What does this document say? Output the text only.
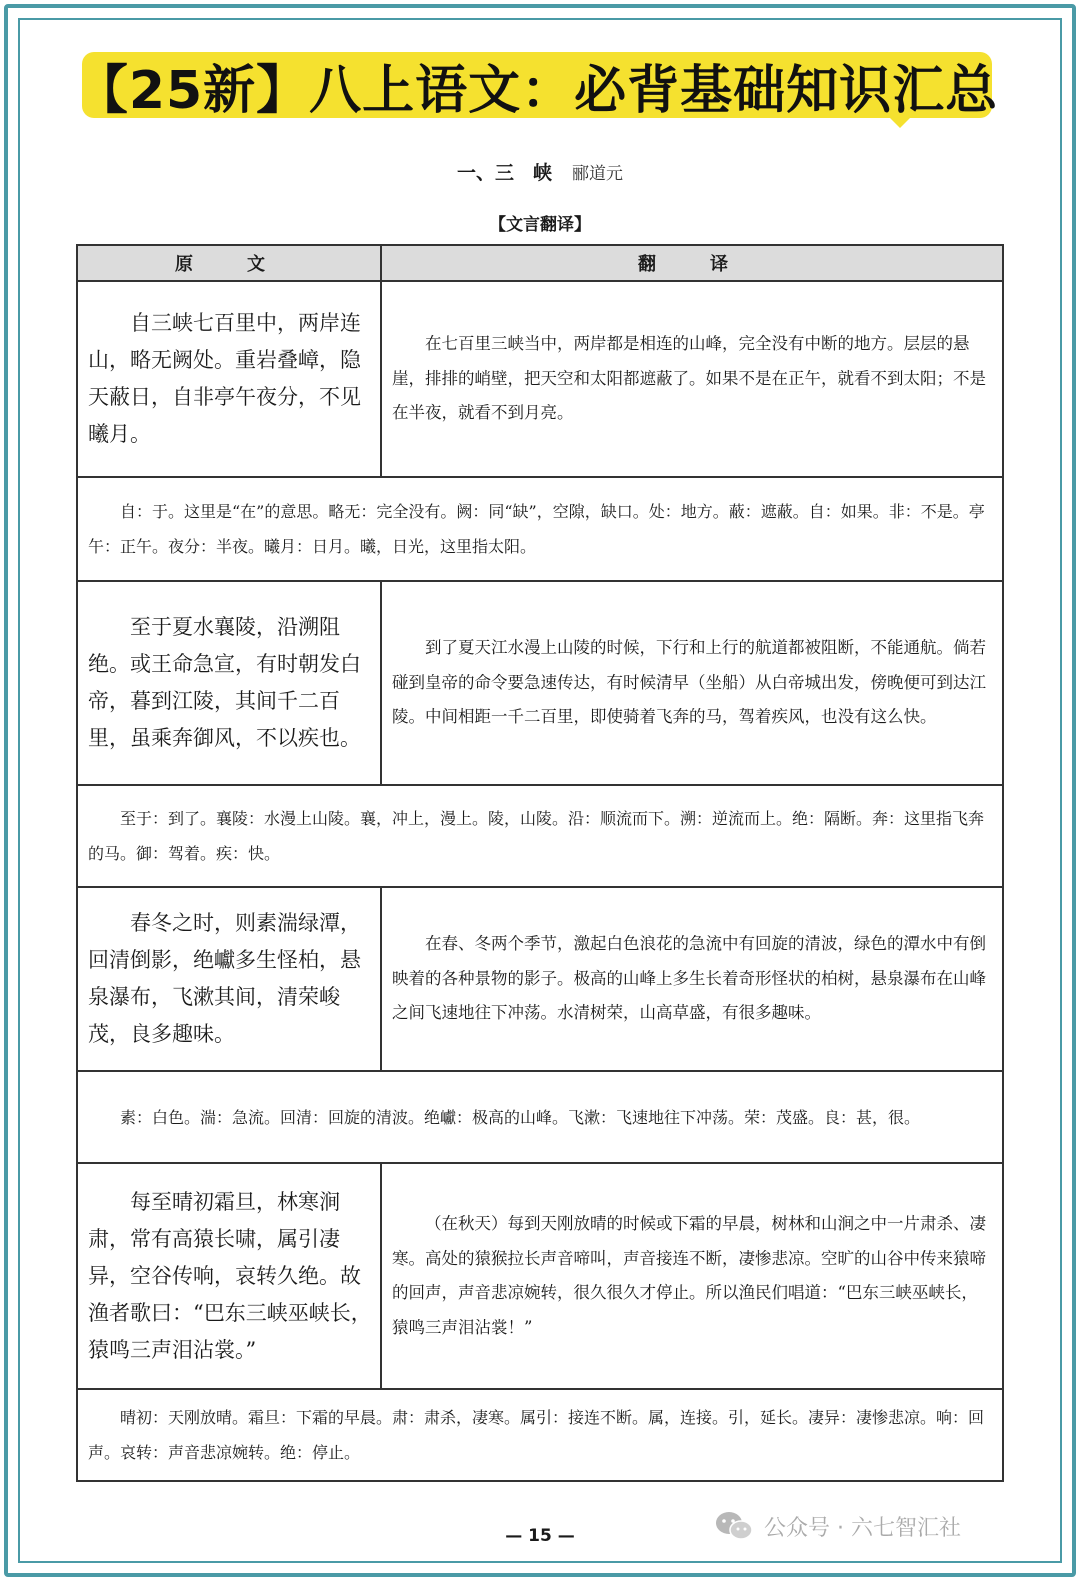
【25新】八上语文：必背基础知识汇总
一、三　峡 郦道元
【文言翻译】
原　文	翻　译

自三峡七百里中，两岸连山，略无阙处。重岩叠嶂，隐天蔽日，自非亭午夜分，不见曦月。	在七百里三峡当中，两岸都是相连的山峰，完全没有中断的地方。层层的悬崖，排排的峭壁，把天空和太阳都遮蔽了。如果不是在正午，就看不到太阳；不是在半夜，就看不到月亮。

自：于。这里是“在”的意思。略无：完全没有。阙：同“缺”，空隙，缺口。处：地方。蔽：遮蔽。自：如果。非：不是。亭午：正午。夜分：半夜。曦月：日月。曦，日光，这里指太阳。	

至于夏水襄陵，沿溯阻绝。或王命急宣，有时朝发白帝，暮到江陵，其间千二百里，虽乘奔御风，不以疾也。	到了夏天江水漫上山陵的时候，下行和上行的航道都被阻断，不能通航。倘若碰到皇帝的命令要急速传达，有时候清早（坐船）从白帝城出发，傍晚便可到达江陵。中间相距一千二百里，即使骑着飞奔的马，驾着疾风，也没有这么快。

至于：到了。襄陵：水漫上山陵。襄，冲上，漫上。陵，山陵。沿：顺流而下。溯：逆流而上。绝：隔断。奔：这里指飞奔的马。御：驾着。疾：快。	

春冬之时，则素湍绿潭，回清倒影，绝巘多生怪柏，悬泉瀑布，飞漱其间，清荣峻茂，良多趣味。	在春、冬两个季节，激起白色浪花的急流中有回旋的清波，绿色的潭水中有倒映着的各种景物的影子。极高的山峰上多生长着奇形怪状的柏树，悬泉瀑布在山峰之间飞速地往下冲荡。水清树荣，山高草盛，有很多趣味。

素：白色。湍：急流。回清：回旋的清波。绝巘：极高的山峰。飞漱：飞速地往下冲荡。荣：茂盛。良：甚，很。	

每至晴初霜旦，林寒涧肃，常有高猿长啸，属引凄异，空谷传响，哀转久绝。故渔者歌曰：“巴东三峡巫峡长，猿鸣三声泪沾裳。”	（在秋天）每到天刚放晴的时候或下霜的早晨，树林和山涧之中一片肃杀、凄寒。高处的猿猴拉长声音啼叫，声音接连不断，凄惨悲凉。空旷的山谷中传来猿啼的回声，声音悲凉婉转，很久很久才停止。所以渔民们唱道：“巴东三峡巫峡长，猿鸣三声泪沾裳！”

晴初：天刚放晴。霜旦：下霜的早晨。肃：肃杀，凄寒。属引：接连不断。属，连接。引，延长。凄异：凄惨悲凉。响：回声。哀转：声音悲凉婉转。绝：停止。	

— 15 —	公众号 · 六七智汇社
